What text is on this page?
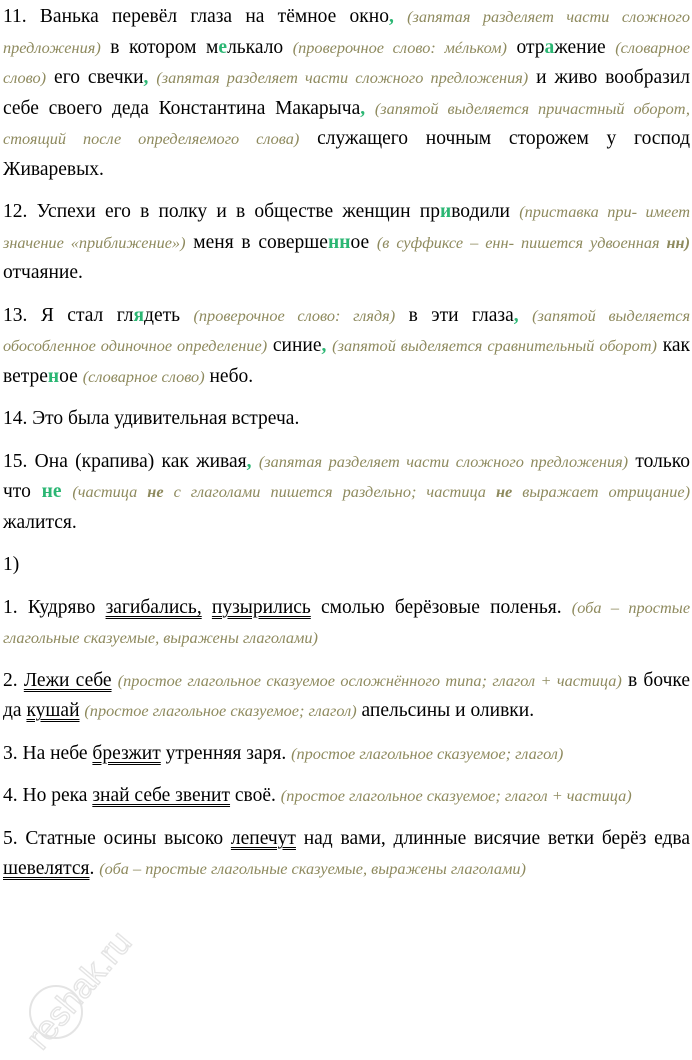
11. Ванька перевёл глаза на тёмное окно, (запятая разделяет части сложного предложения) в котором мелькало (проверочное слово: мéльком) отражение (словарное слово) его свечки, (запятая разделяет части сложного предложения) и живо вообразил себе своего деда Константина Макарыча, (запятой выделяется причастный оборот, стоящий после определяемого слова) служащего ночным сторожем у господ Живаревых.

12. Успехи его в полку и в обществе женщин приводили (приставка при- имеет значение «приближение») меня в совершенное (в суффиксе – енн- пишется удвоенная нн) отчаяние.

13. Я стал глядеть (проверочное слово: глядя) в эти глаза, (запятой выделяется обособленное одиночное определение) синие, (запятой выделяется сравнительный оборот) как ветреное (словарное слово) небо.

14. Это была удивительная встреча.

15. Она (крапива) как живая, (запятая разделяет части сложного предложения) только что не (частица не с глаголами пишется раздельно; частица не выражает отрицание) жалится.

1)

1. Кудряво загибались, пузырились смолью берёзовые поленья. (оба – простые глагольные сказуемые, выражены глаголами)

2. Лежи себе (простое глагольное сказуемое осложнённого типа; глагол + частица) в бочке да кушай (простое глагольное сказуемое; глагол) апельсины и оливки.

3. На небе брезжит утренняя заря. (простое глагольное сказуемое; глагол)

4. Но река знай себе звенит своё. (простое глагольное сказуемое; глагол + частица)

5. Статные осины высоко лепечут над вами, длинные висячие ветки берёз едва шевелятся. (оба – простые глагольные сказуемые, выражены глаголами)

reshak.ru
